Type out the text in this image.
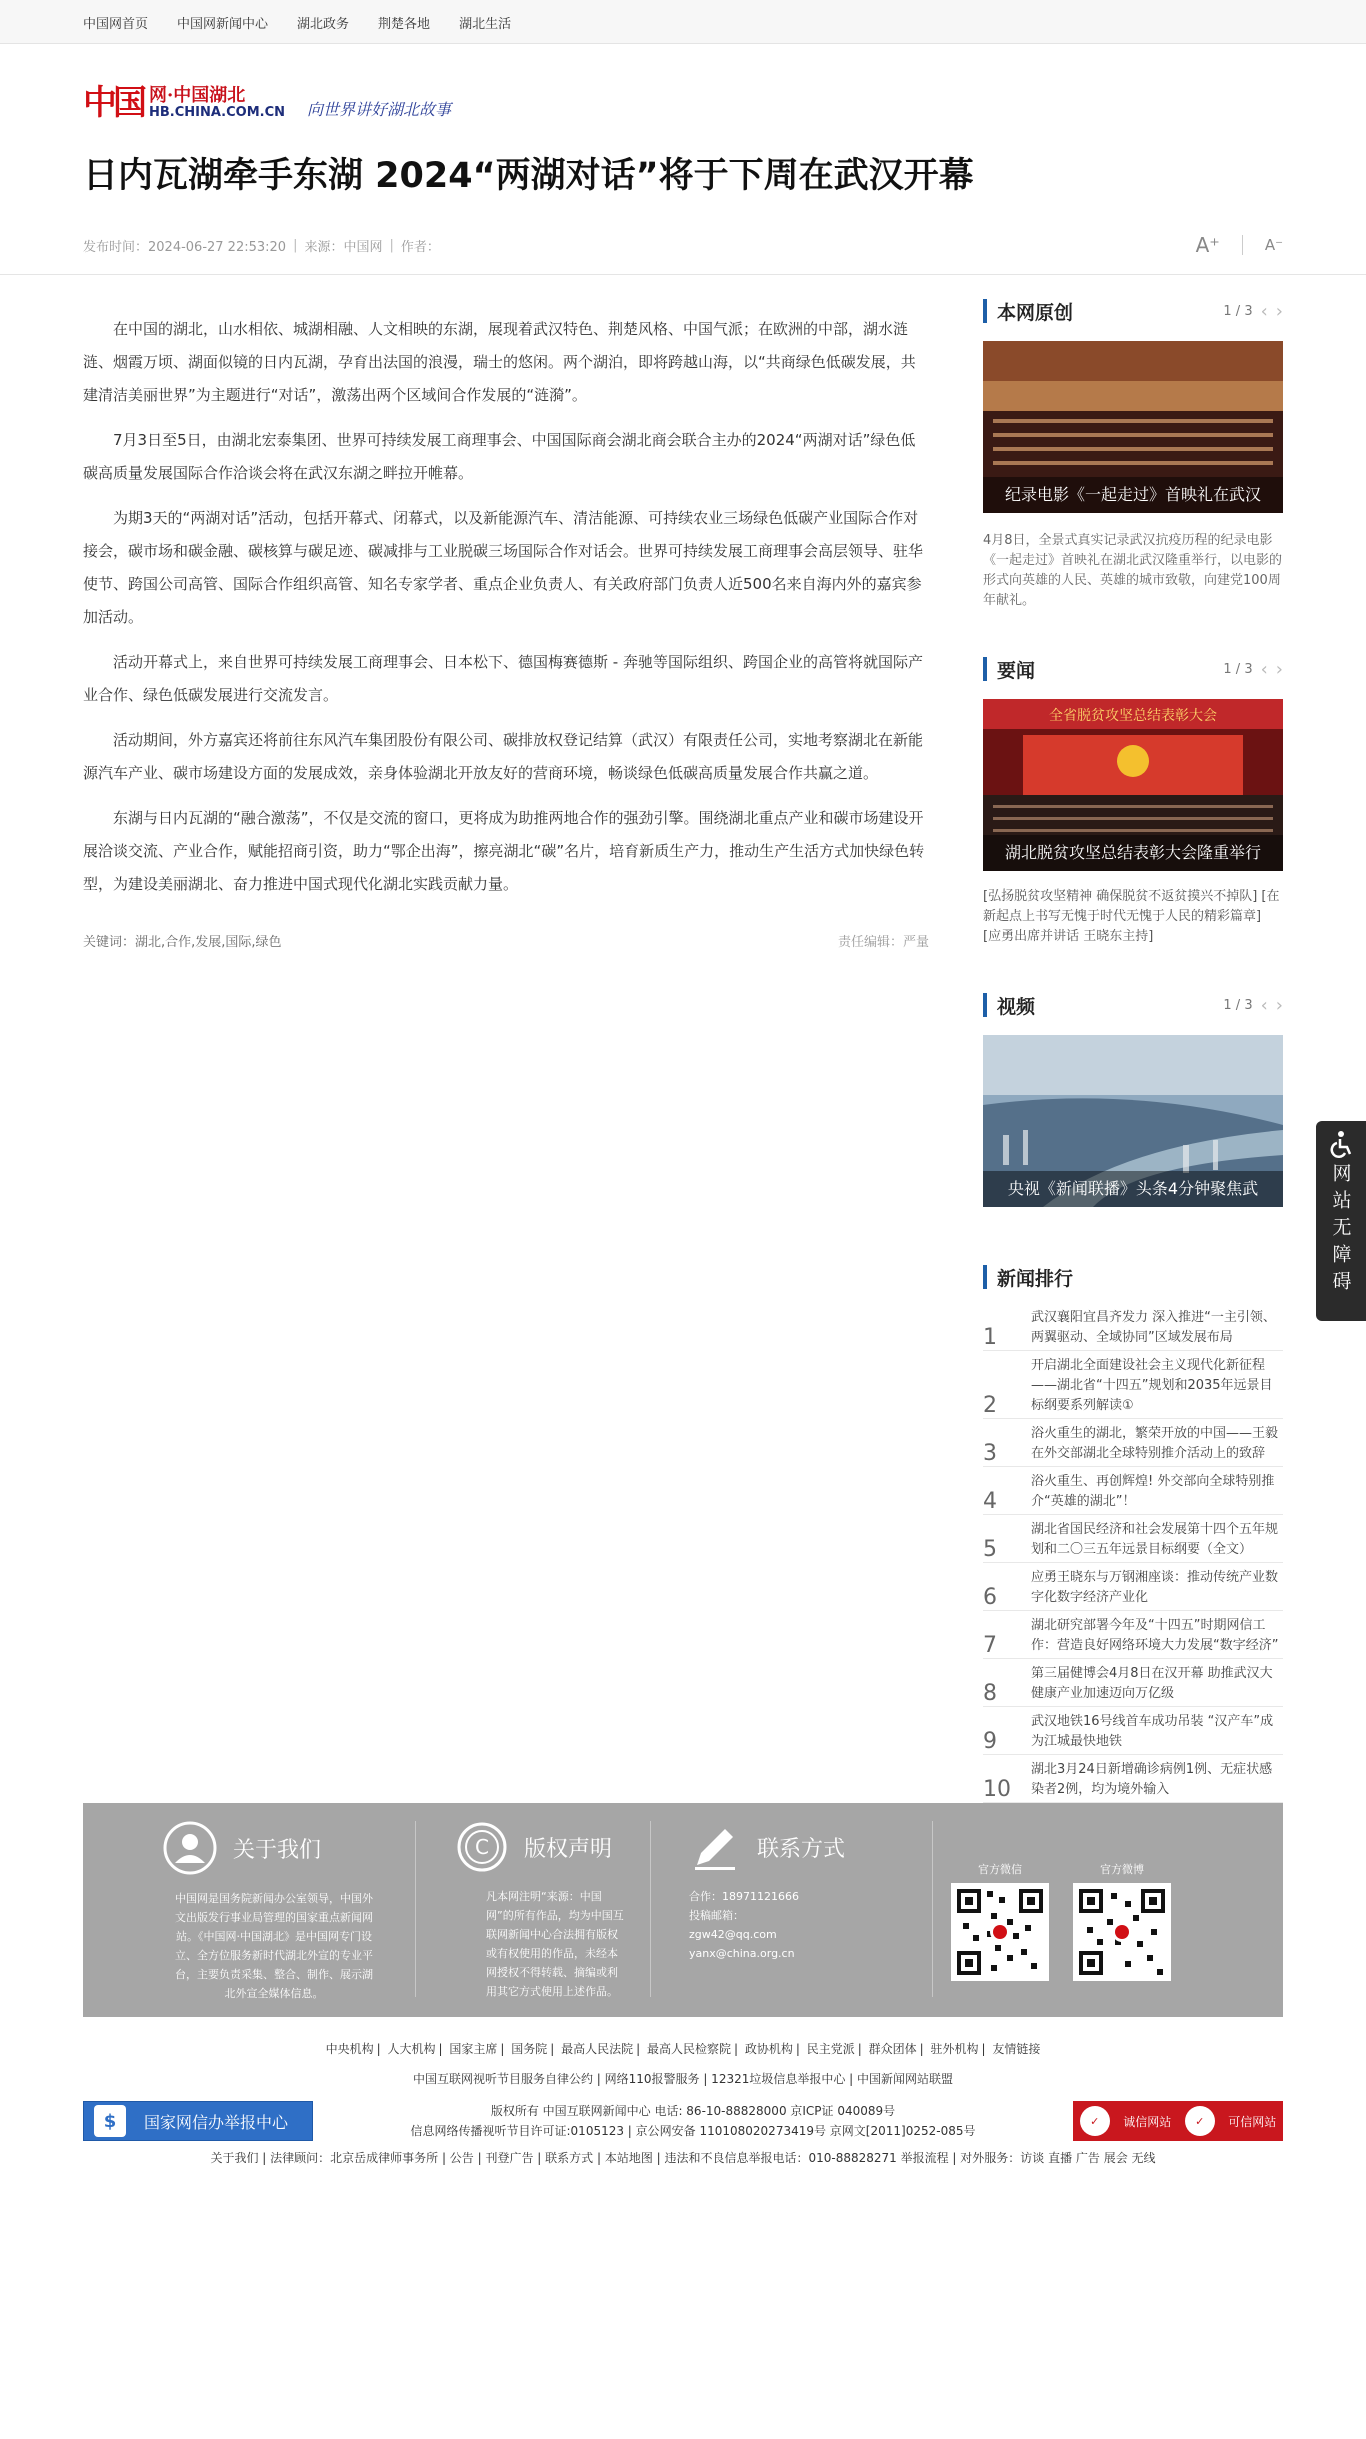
中国网首页 中国网新闻中心 湖北政务 荆楚各地 湖北生活
中国 网·中国湖北
HB.CHINA.COM.CN 向世界讲好湖北故事
日内瓦湖牵手东湖 2024“两湖对话”将于下周在武汉开幕
发布时间：2024-06-27 22:53:20 | 来源：中国网 | 作者：	A⁺	A⁻

在中国的湖北，山水相依、城湖相融、人文相映的东湖，展现着武汉特色、荆楚风格、中国气派；在欧洲的中部，湖水涟涟、烟霞万顷、湖面似镜的日内瓦湖，孕育出法国的浪漫，瑞士的悠闲。两个湖泊，即将跨越山海，以“共商绿色低碳发展，共建清洁美丽世界”为主题进行“对话”，激荡出两个区域间合作发展的“涟漪”。

7月3日至5日，由湖北宏泰集团、世界可持续发展工商理事会、中国国际商会湖北商会联合主办的2024“两湖对话”绿色低碳高质量发展国际合作洽谈会将在武汉东湖之畔拉开帷幕。

为期3天的“两湖对话”活动，包括开幕式、闭幕式，以及新能源汽车、清洁能源、可持续农业三场绿色低碳产业国际合作对接会，碳市场和碳金融、碳核算与碳足迹、碳减排与工业脱碳三场国际合作对话会。世界可持续发展工商理事会高层领导、驻华使节、跨国公司高管、国际合作组织高管、知名专家学者、重点企业负责人、有关政府部门负责人近500名来自海内外的嘉宾参加活动。

活动开幕式上，来自世界可持续发展工商理事会、日本松下、德国梅赛德斯 - 奔驰等国际组织、跨国企业的高管将就国际产业合作、绿色低碳发展进行交流发言。

活动期间，外方嘉宾还将前往东风汽车集团股份有限公司、碳排放权登记结算（武汉）有限责任公司，实地考察湖北在新能源汽车产业、碳市场建设方面的发展成效，亲身体验湖北开放友好的营商环境，畅谈绿色低碳高质量发展合作共赢之道。

东湖与日内瓦湖的“融合激荡”，不仅是交流的窗口，更将成为助推两地合作的强劲引擎。围绕湖北重点产业和碳市场建设开展洽谈交流、产业合作，赋能招商引资，助力“鄂企出海”，擦亮湖北“碳”名片，培育新质生产力，推动生产生活方式加快绿色转型，为建设美丽湖北、奋力推进中国式现代化湖北实践贡献力量。

关键词：湖北,合作,发展,国际,绿色	责任编辑：严量
本网原创	1 / 3 ‹ ›
纪录电影《一起走过》首映礼在武汉
4月8日，全景式真实记录武汉抗疫历程的纪录电影《一起走过》首映礼在湖北武汉隆重举行，以电影的形式向英雄的人民、英雄的城市致敬，向建党100周年献礼。
要闻	1 / 3 ‹ ›
全省脱贫攻坚总结表彰大会
湖北脱贫攻坚总结表彰大会隆重举行
[弘扬脱贫攻坚精神 确保脱贫不返贫摸兴不掉队] [在新起点上书写无愧于时代无愧于人民的精彩篇章] [应勇出席并讲话 王晓东主持]
视频	1 / 3 ‹ ›
央视《新闻联播》头条4分钟聚焦武
新闻排行
1
武汉襄阳宜昌齐发力 深入推进“一主引领、两翼驱动、全域协同”区域发展布局
2
开启湖北全面建设社会主义现代化新征程——湖北省“十四五”规划和2035年远景目标纲要系列解读①
3
浴火重生的湖北，繁荣开放的中国——王毅在外交部湖北全球特别推介活动上的致辞
4
浴火重生、再创辉煌! 外交部向全球特别推介“英雄的湖北”！
5
湖北省国民经济和社会发展第十四个五年规划和二〇三五年远景目标纲要（全文）
6
应勇王晓东与万钢湘座谈：推动传统产业数字化数字经济产业化
7
湖北研究部署今年及“十四五”时期网信工作：营造良好网络环境大力发展“数字经济”
8
第三届健博会4月8日在汉开幕 助推武汉大健康产业加速迈向万亿级
9
武汉地铁16号线首车成功吊装 “汉产车”成为江城最快地铁
10
湖北3月24日新增确诊病例1例、无症状感染者2例，均为境外输入
关于我们
中国网是国务院新闻办公室领导，中国外文出版发行事业局管理的国家重点新闻网站。《中国网·中国湖北》是中国网专门设立、全方位服务新时代湖北外宣的专业平台，主要负责采集、整合、制作、展示湖北外宣全媒体信息。
C 版权声明
凡本网注明“来源：中国网”的所有作品，均为中国互联网新闻中心合法拥有版权或有权使用的作品，未经本网授权不得转载、摘编或利用其它方式使用上述作品。
联系方式
合作：18971121666
投稿邮箱：
zgw42@qq.com
yanx@china.org.cn
官方微信	官方微博
中央机构 | 人大机构 | 国家主席 | 国务院 | 最高人民法院 | 最高人民检察院 | 政协机构 | 民主党派 | 群众团体 | 驻外机构 | 友情链接
中国互联网视听节目服务自律公约 | 网络110报警服务 | 12321垃圾信息举报中心 | 中国新闻网站联盟
$	国家网信办举报中心
版权所有 中国互联网新闻中心 电话: 86-10-88828000 京ICP证 040089号
信息网络传播视听节目许可证:0105123 | 京公网安备 110108020273419号 京网文[2011]0252-085号
✓	诚信网站	✓	可信网站
关于我们 | 法律顾问：北京岳成律师事务所 | 公告 | 刊登广告 | 联系方式 | 本站地图 | 违法和不良信息举报电话：010-88828271 举报流程 | 对外服务：访谈 直播 广告 展会 无线
网站无障碍
